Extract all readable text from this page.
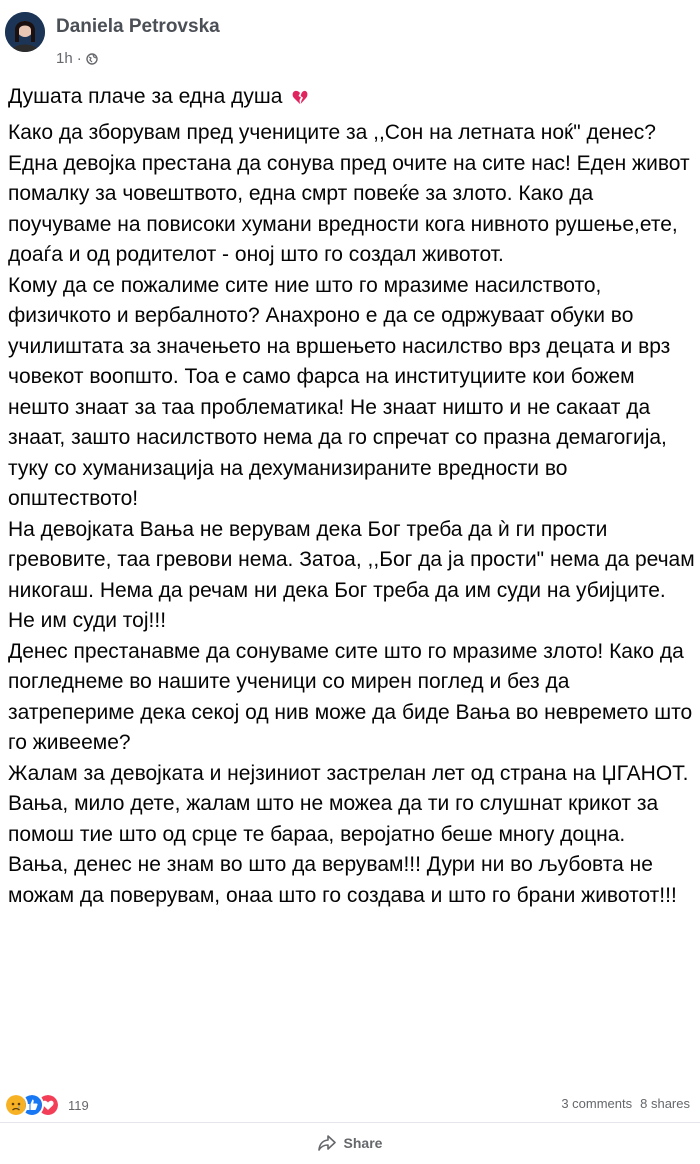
Daniela Petrovska
1h ·
Душата плаче за една душа

Како да зборувам пред учениците за ,,Сон на летната ноќ" денес? Една девојка престана да сонува пред очите на сите нас! Еден живот помалку за човештвото, една смрт повеќе за злото. Како да поучуваме на повисоки хумани вредности кога нивното рушење,ете, доаѓа и од родителот - оној што го создал животот.

Кому да се пожалиме сите ние што го мразиме насилството, физичкото и вербалното? Анахроно е да се одржуваат обуки во училиштата за значењето на вршењето насилство врз децата и врз човекот воопшто. Тоа е само фарса на институциите кои божем нешто знаат за таа проблематика! Не знаат ништо и не сакаат да знаат, зашто насилството нема да го спречат со празна демагогија, туку со хуманизација на дехуманизираните вредности во општеството!

На девојката Вања не верувам дека Бог треба да ѝ ги прости гревовите, таа гревови нема. Затоа, ,,Бог да ја прости" нема да речам никогаш. Нема да речам ни дека Бог треба да им суди на убијците. Не им суди тој!!!

Денес престанавме да сонуваме сите што го мразиме злото! Како да погледнеме во нашите ученици со мирен поглед и без да затрепериме дека секој од нив може да биде Вања во невремето што го живееме?

Жалам за девојката и нејзиниот застрелан лет од страна на ЏГАНОТ.

Вања, мило дете, жалам што не можеа да ти го слушнат крикот за помош тие што од срце те бараа, веројатно беше многу доцна.

Вања, денес не знам во што да верувам!!! Дури ни во љубовта не можам да поверувам, онаа што го создава и што го брани животот!!!

119	3 comments 8 shares
Share
